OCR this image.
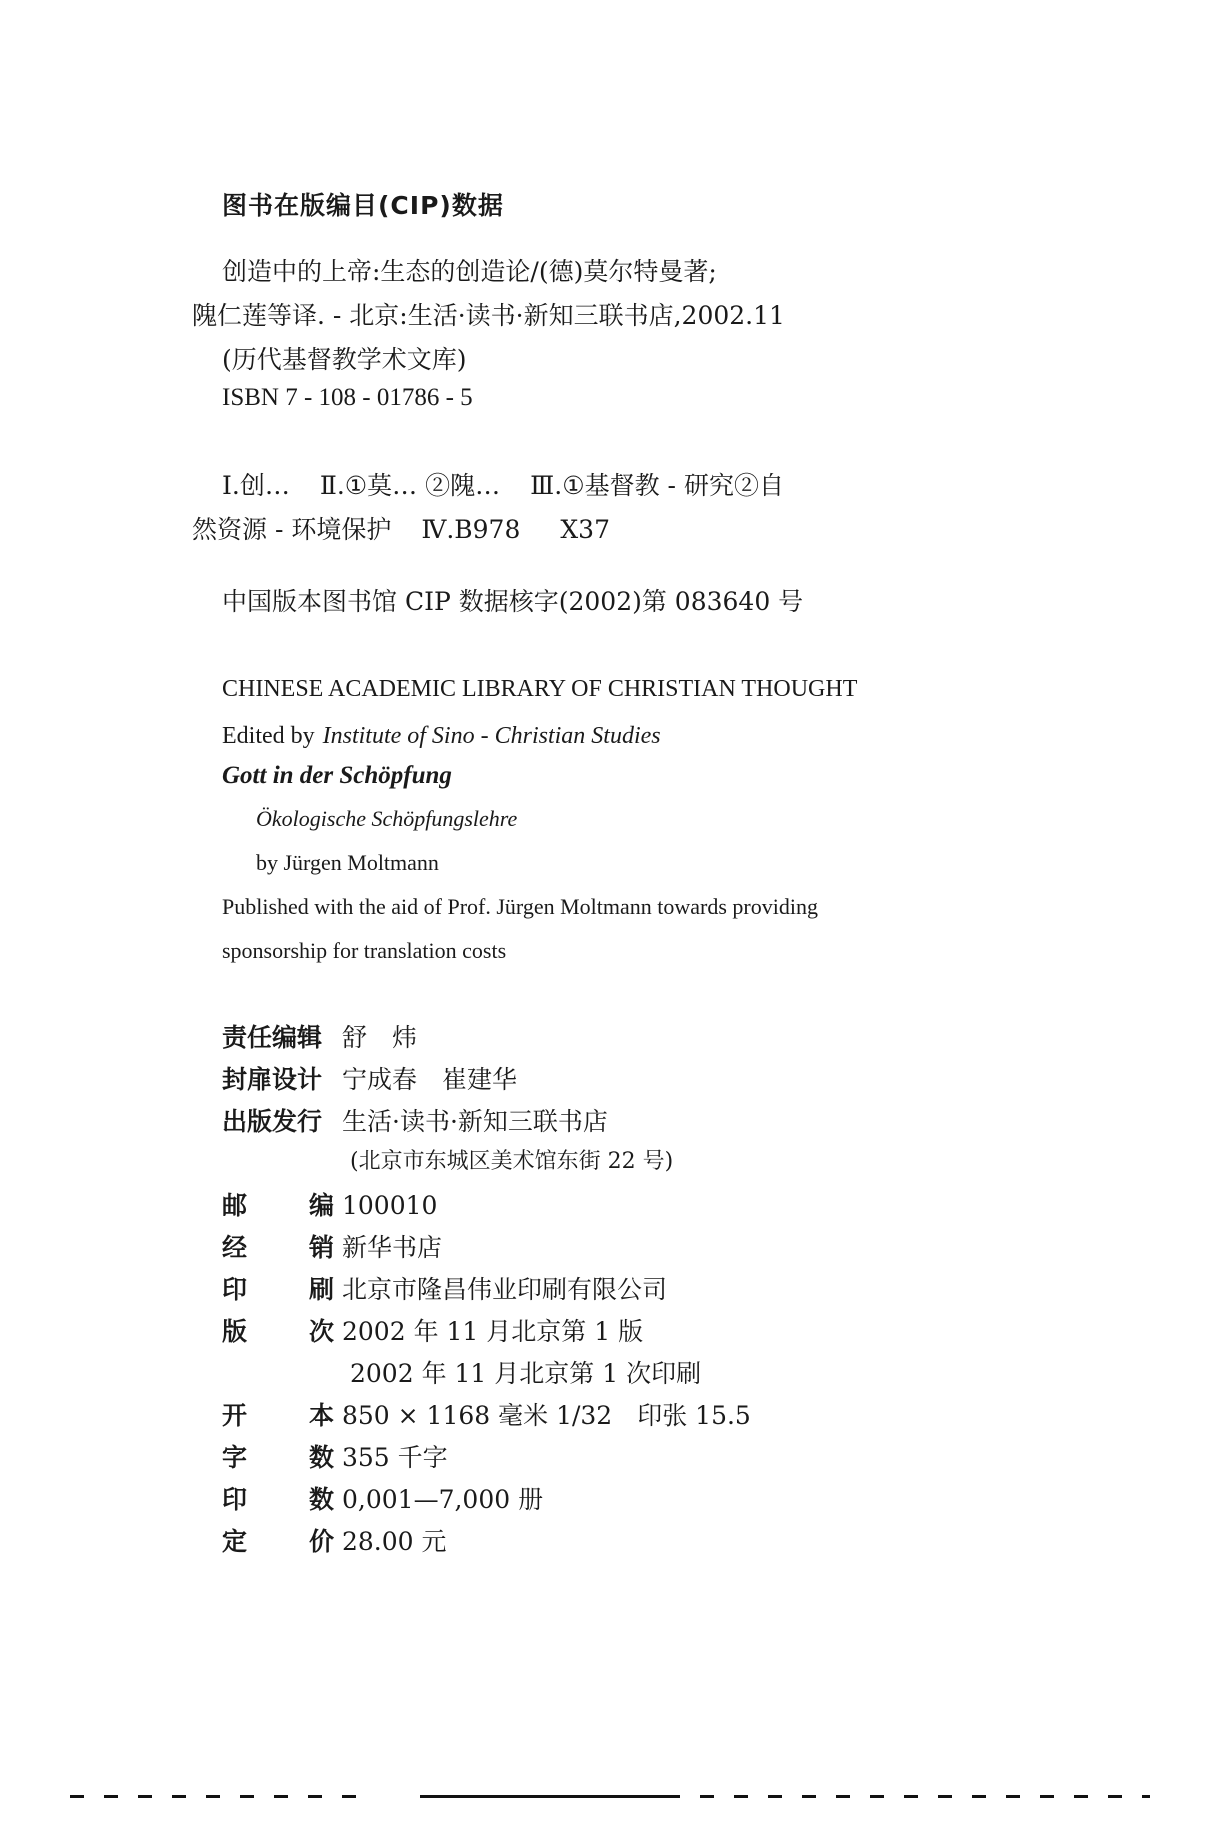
图书在版编目(CIP)数据
创造中的上帝:生态的创造论/(德)莫尔特曼著;
隗仁莲等译. - 北京:生活·读书·新知三联书店,2002.11
(历代基督教学术文库)
ISBN 7 - 108 - 01786 - 5
Ⅰ.创… Ⅱ.①莫… ②隗… Ⅲ.①基督教 - 研究②自
然资源 - 环境保护 Ⅳ.B978 X37
中国版本图书馆 CIP 数据核字(2002)第 083640 号
CHINESE ACADEMIC LIBRARY OF CHRISTIAN THOUGHT
Edited by Institute of Sino - Christian Studies
Gott in der Schöpfung
Ökologische Schöpfungslehre
by Jürgen Moltmann
Published with the aid of Prof. Jürgen Moltmann towards providing
sponsorship for translation costs
责任编辑 舒　炜
封扉设计 宁成春　崔建华
出版发行 生活·读书·新知三联书店
(北京市东城区美术馆东街 22 号)
邮 编 100010
经 销 新华书店
印 刷 北京市隆昌伟业印刷有限公司
版 次 2002 年 11 月北京第 1 版
2002 年 11 月北京第 1 次印刷
开 本 850 × 1168 毫米 1/32　印张 15.5
字 数 355 千字
印 数 0,001—7,000 册
定 价 28.00 元
